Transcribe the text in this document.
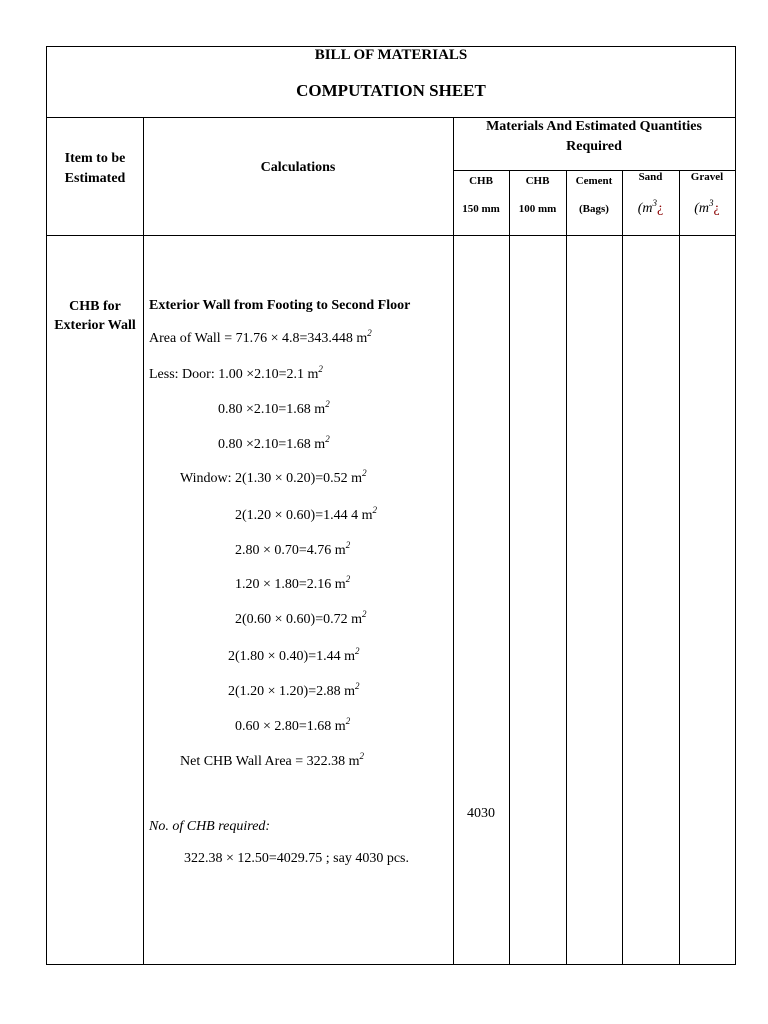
BILL OF MATERIALS
COMPUTATION SHEET
Item to be Estimated
Calculations
Materials And Estimated Quantities Required
CHB
150 mm
CHB
100 mm
Cement
(Bags)
Sand
($m^3¿$
Gravel
($m^3¿$
CHB for Exterior Wall
Exterior Wall from Footing to Second Floor
Area of Wall = 71.76 × 4.8=343.448 $m^2$
Less: Door: 1.00 ×2.10=2.1 $m^2$
0.80 ×2.10=1.68 $m^2$
0.80 ×2.10=1.68 $m^2$
Window: 2(1.30 × 0.20)=0.52 $m^2$
2(1.20 × 0.60)=1.44 4 $m^2$
2.80 × 0.70=4.76 $m^2$
1.20 × 1.80=2.16 $m^2$
2(0.60 × 0.60)=0.72 $m^2$
2(1.80 × 0.40)=1.44 $m^2$
2(1.20 × 1.20)=2.88 $m^2$
0.60 × 2.80=1.68 $m^2$
Net CHB Wall Area = 322.38 $m^2$
No. of CHB required:
322.38 × 12.50=4029.75 ; say 4030 pcs.
4030
